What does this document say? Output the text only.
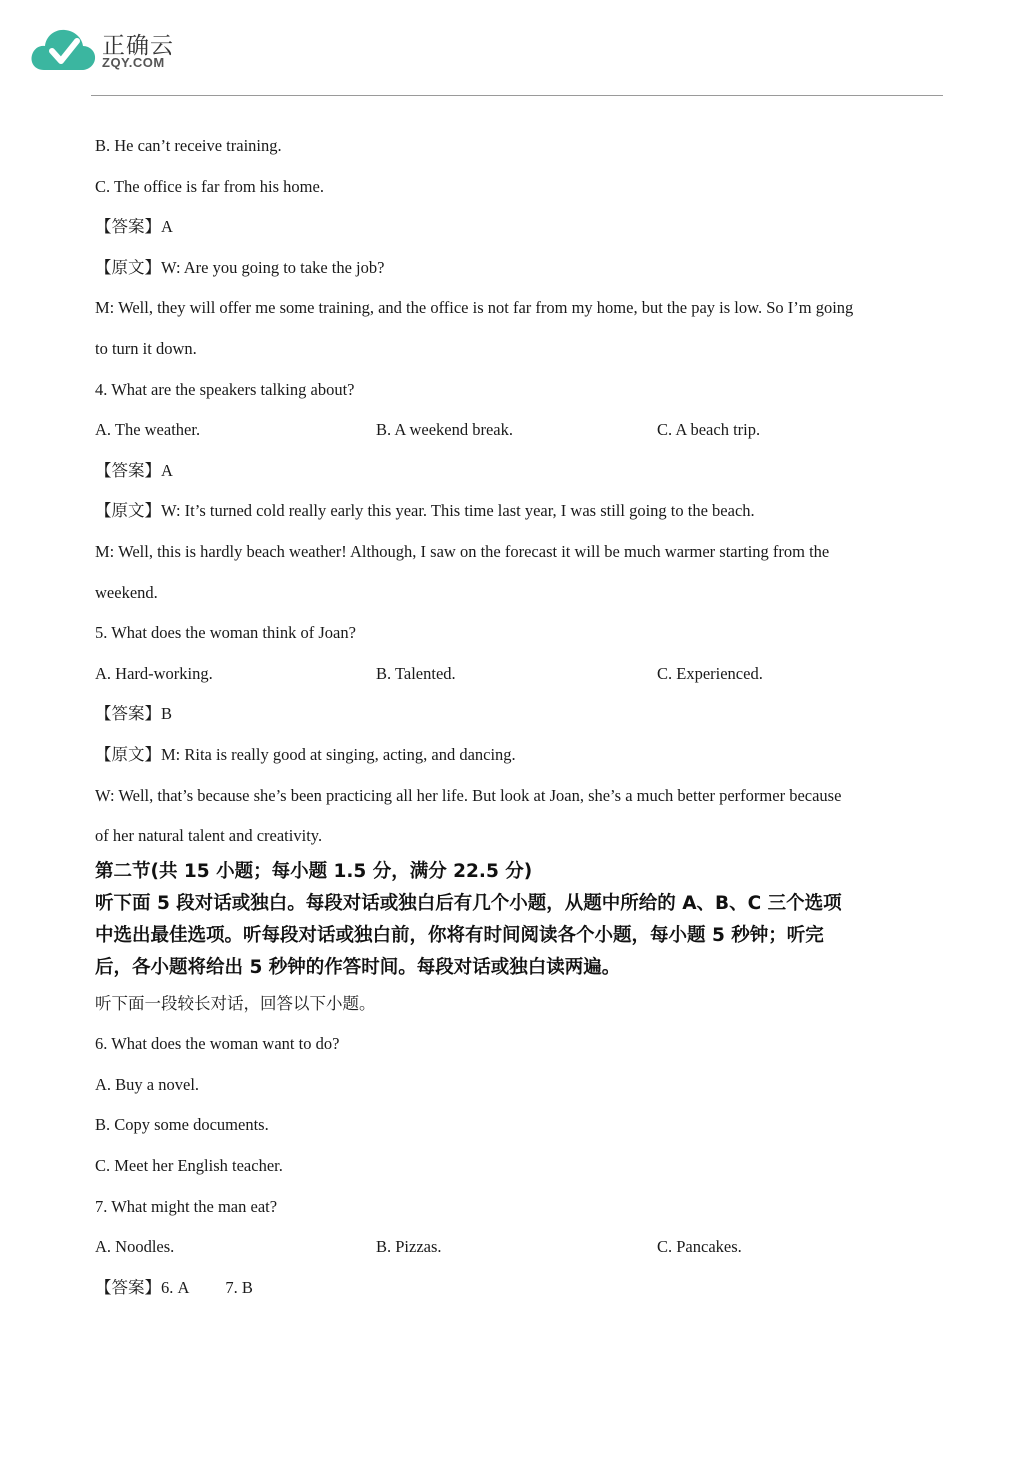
正确云
ZQY.COM
B. He can’t receive training.
C. The office is far from his home.
【答案】A
【原文】W: Are you going to take the job?
M: Well, they will offer me some training, and the office is not far from my home, but the pay is low. So I’m going
to turn it down.
4. What are the speakers talking about?
A. The weather.	B. A weekend break.	C. A beach trip.
【答案】A
【原文】W: It’s turned cold really early this year. This time last year, I was still going to the beach.
M: Well, this is hardly beach weather! Although, I saw on the forecast it will be much warmer starting from the
weekend.
5. What does the woman think of Joan?
A. Hard-working.	B. Talented.	C. Experienced.
【答案】B
【原文】M: Rita is really good at singing, acting, and dancing.
W: Well, that’s because she’s been practicing all her life. But look at Joan, she’s a much better performer because
of her natural talent and creativity.
第二节(共 15 小题；每小题 1.5 分，满分 22.5 分)
听下面 5 段对话或独白。每段对话或独白后有几个小题，从题中所给的 A、B、C 三个选项
中选出最佳选项。听每段对话或独白前，你将有时间阅读各个小题，每小题 5 秒钟；听完
后，各小题将给出 5 秒钟的作答时间。每段对话或独白读两遍。
听下面一段较长对话，回答以下小题。
6. What does the woman want to do?
A. Buy a novel.
B. Copy some documents.
C. Meet her English teacher.
7. What might the man eat?
A. Noodles.	B. Pizzas.	C. Pancakes.
【答案】6. A 7. B
